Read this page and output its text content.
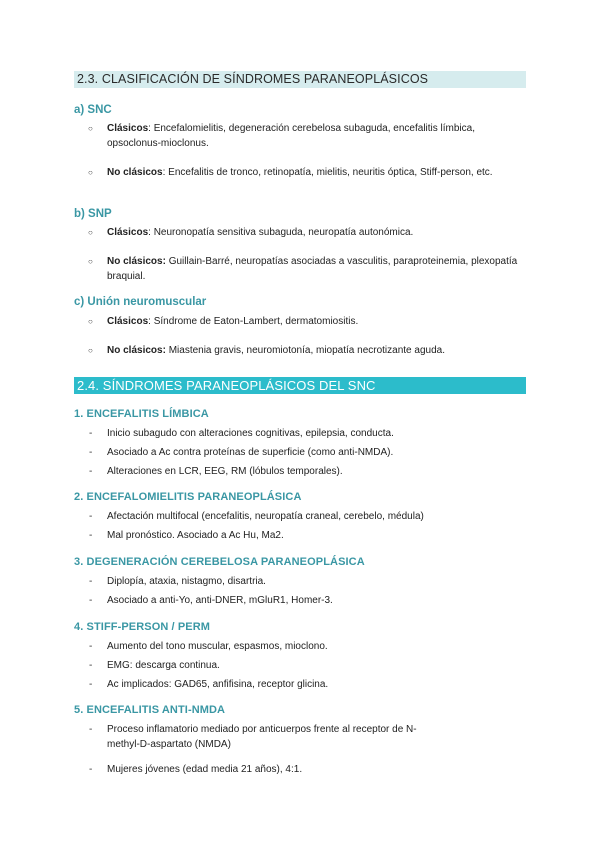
2.3. CLASIFICACIÓN DE SÍNDROMES PARANEOPLÁSICOS
a) SNC
○ Clásicos: Encefalomielitis, degeneración cerebelosa subaguda, encefalitis límbica, opsoclonus-mioclonus.
○ No clásicos: Encefalitis de tronco, retinopatía, mielitis, neuritis óptica, Stiff-person, etc.
b) SNP
○ Clásicos: Neuronopatía sensitiva subaguda, neuropatía autonómica.
○ No clásicos: Guillain-Barré, neuropatías asociadas a vasculitis, paraproteinemia, plexopatía braquial.
c) Unión neuromuscular
○ Clásicos: Síndrome de Eaton-Lambert, dermatomiositis.
○ No clásicos: Miastenia gravis, neuromiotonía, miopatía necrotizante aguda.
2.4. SÍNDROMES PARANEOPLÁSICOS DEL SNC
1. ENCEFALITIS LÍMBICA
- Inicio subagudo con alteraciones cognitivas, epilepsia, conducta.
- Asociado a Ac contra proteínas de superficie (como anti-NMDA).
- Alteraciones en LCR, EEG, RM (lóbulos temporales).
2. ENCEFALOMIELITIS PARANEOPLÁSICA
- Afectación multifocal (encefalitis, neuropatía craneal, cerebelo, médula)
- Mal pronóstico. Asociado a Ac Hu, Ma2.
3. DEGENERACIÓN CEREBELOSA PARANEOPLÁSICA
- Diplopía, ataxia, nistagmo, disartria.
- Asociado a anti-Yo, anti-DNER, mGluR1, Homer-3.
4. STIFF-PERSON / PERM
- Aumento del tono muscular, espasmos, mioclono.
- EMG: descarga continua.
- Ac implicados: GAD65, anfifisina, receptor glicina.
5. ENCEFALITIS ANTI-NMDA
- Proceso inflamatorio mediado por anticuerpos frente al receptor de N-methyl-D-aspartato (NMDA)
- Mujeres jóvenes (edad media 21 años), 4:1.
